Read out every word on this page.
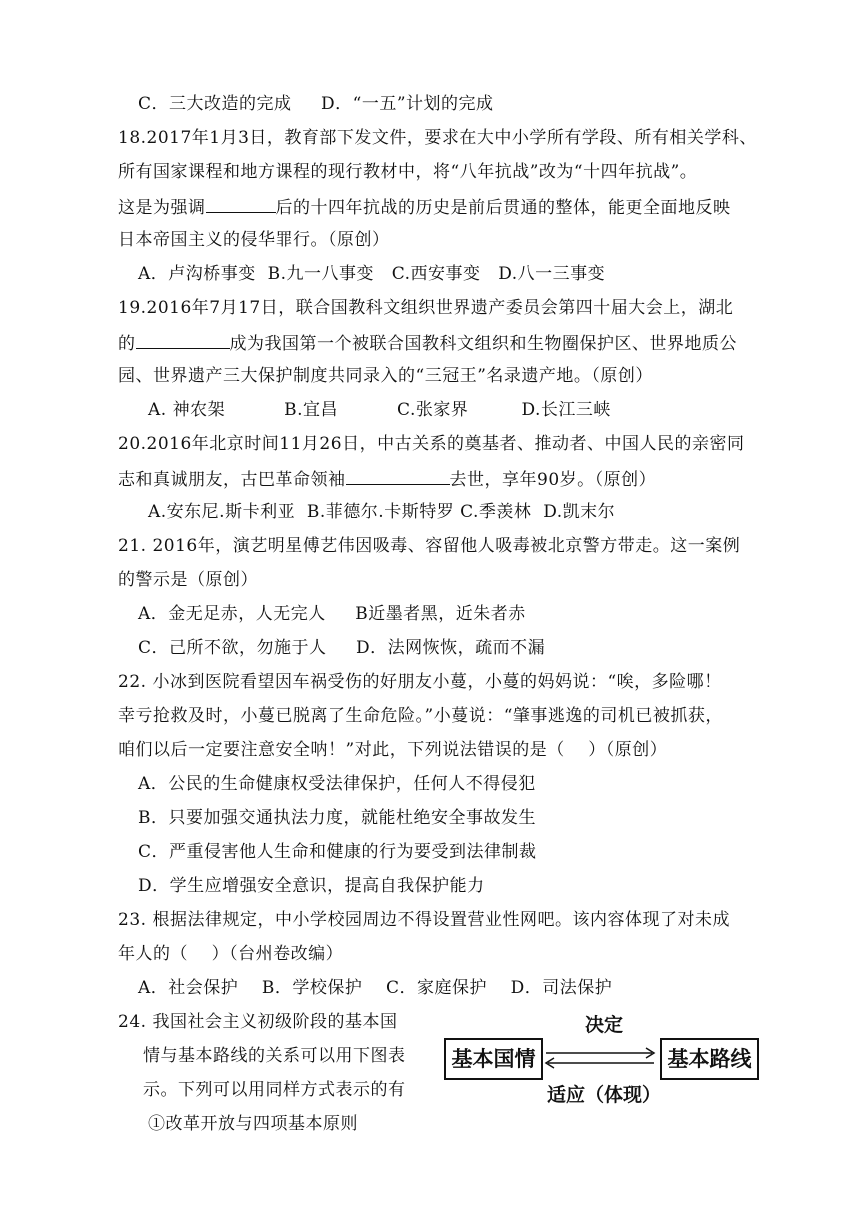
C．三大改造的完成     D．“一五”计划的完成
18.2017年1月3日，教育部下发文件，要求在大中小学所有学段、所有相关学科、
所有国家课程和地方课程的现行教材中，将“八年抗战”改为“十四年抗战”。
这是为强调	后的十四年抗战的历史是前后贯通的整体，能更全面地反映
日本帝国主义的侵华罪行。（原创）
A．卢沟桥事变  B.九一八事变   C.西安事变   D.八一三事变
19.2016年7月17日，联合国教科文组织世界遗产委员会第四十届大会上，湖北
的	成为我国第一个被联合国教科文组织和生物圈保护区、世界地质公
园、世界遗产三大保护制度共同录入的“三冠王”名录遗产地。（原创）
A. 神农架          B.宜昌          C.张家界         D.长江三峡
20.2016年北京时间11月26日，中古关系的奠基者、推动者、中国人民的亲密同
志和真诚朋友，古巴革命领袖	去世，享年90岁。（原创）
A.安东尼.斯卡利亚  B.菲德尔.卡斯特罗 C.季羡林  D.凯末尔
21. 2016年，演艺明星傅艺伟因吸毒、容留他人吸毒被北京警方带走。这一案例
的警示是（原创）
A．金无足赤，人无完人     B近墨者黑，近朱者赤
C．己所不欲，勿施于人     D．法网恢恢，疏而不漏
22. 小冰到医院看望因车祸受伤的好朋友小蔓，小蔓的妈妈说：“唉，多险哪！
幸亏抢救及时，小蔓已脱离了生命危险。”小蔓说：“肇事逃逸的司机已被抓获，
咱们以后一定要注意安全呐！”对此，下列说法错误的是（    ）（原创）
A．公民的生命健康权受法律保护，任何人不得侵犯
B．只要加强交通执法力度，就能杜绝安全事故发生
C．严重侵害他人生命和健康的行为要受到法律制裁
D．学生应增强安全意识，提高自我保护能力
23. 根据法律规定，中小学校园周边不得设置营业性网吧。该内容体现了对未成
年人的（    ）（台州卷改编）
A．社会保护    B．学校保护    C．家庭保护    D．司法保护
24. 我国社会主义初级阶段的基本国
情与基本路线的关系可以用下图表
示。下列可以用同样方式表示的有
①改革开放与四项基本原则
决定
基本国情	基本路线
适应（体现）
